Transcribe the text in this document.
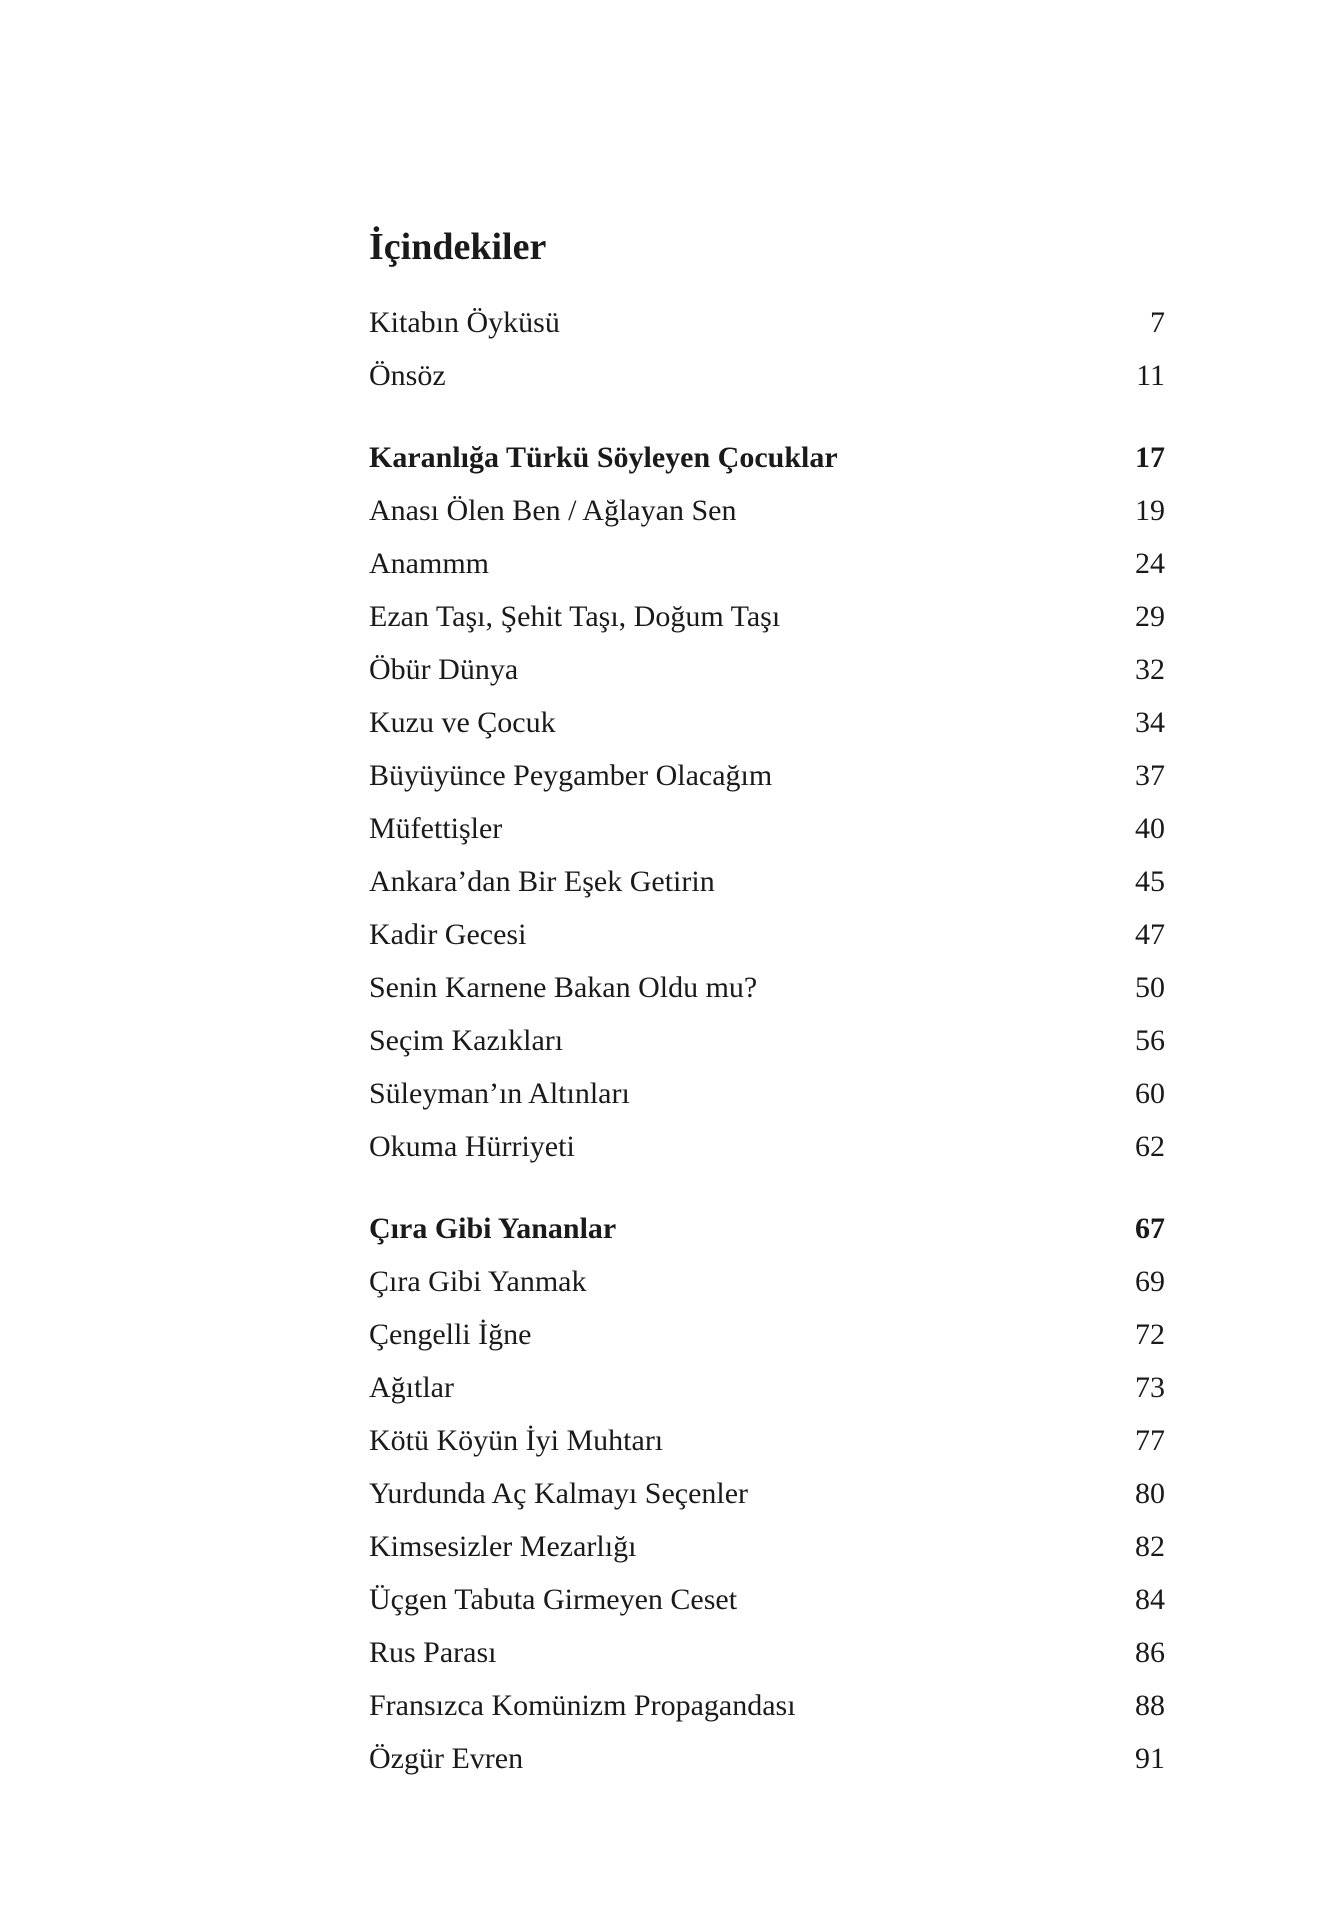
İçindekiler
Kitabın Öyküsü	7
Önsöz	11
Karanlığa Türkü Söyleyen Çocuklar	17
Anası Ölen Ben / Ağlayan Sen	19
Anammm	24
Ezan Taşı, Şehit Taşı, Doğum Taşı	29
Öbür Dünya	32
Kuzu ve Çocuk	34
Büyüyünce Peygamber Olacağım	37
Müfettişler	40
Ankara’dan Bir Eşek Getirin	45
Kadir Gecesi	47
Senin Karnene Bakan Oldu mu?	50
Seçim Kazıkları	56
Süleyman’ın Altınları	60
Okuma Hürriyeti	62
Çıra Gibi Yananlar	67
Çıra Gibi Yanmak	69
Çengelli İğne	72
Ağıtlar	73
Kötü Köyün İyi Muhtarı	77
Yurdunda Aç Kalmayı Seçenler	80
Kimsesizler Mezarlığı	82
Üçgen Tabuta Girmeyen Ceset	84
Rus Parası	86
Fransızca Komünizm Propagandası	88
Özgür Evren	91
